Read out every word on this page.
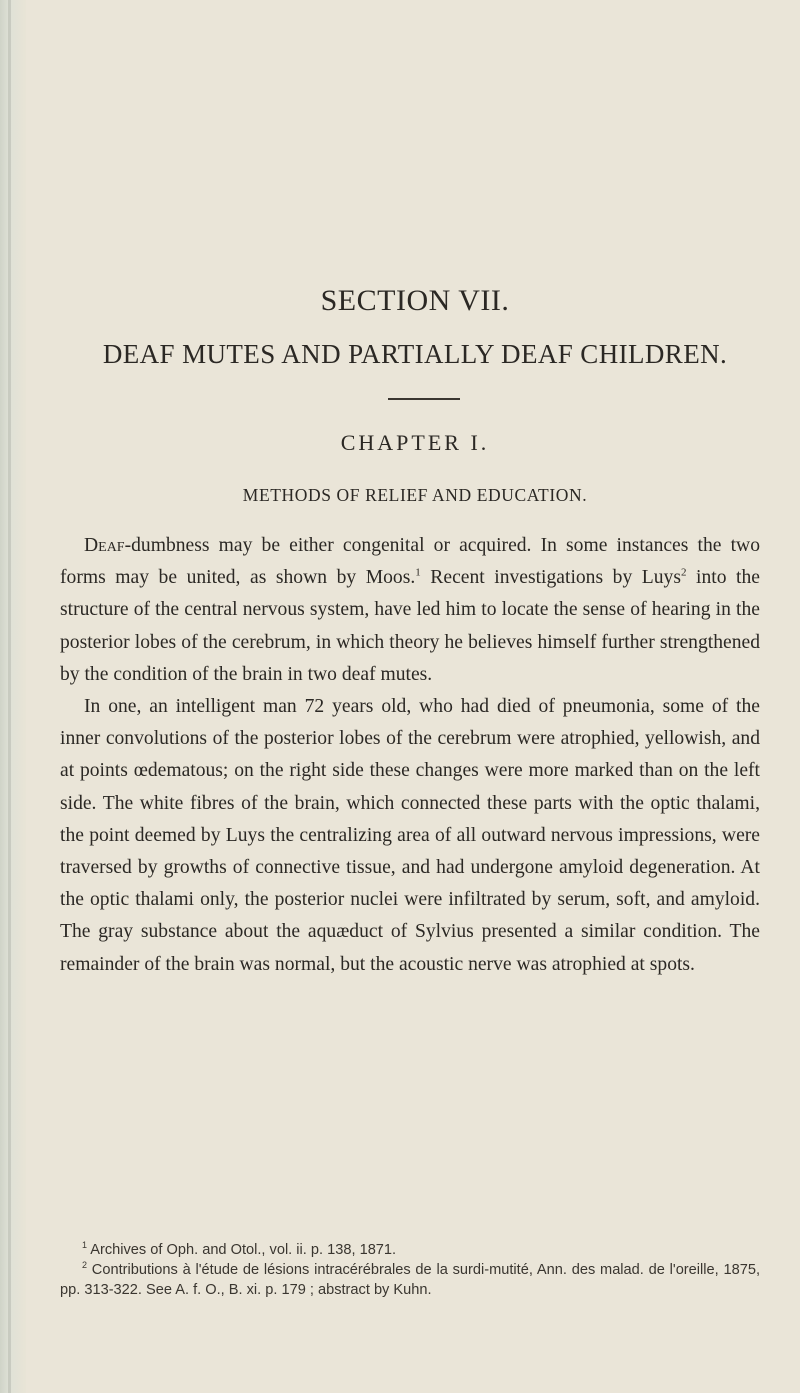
SECTION VII.
DEAF MUTES AND PARTIALLY DEAF CHILDREN.
CHAPTER I.
METHODS OF RELIEF AND EDUCATION.

Deaf-dumbness may be either congenital or acquired. In some instances the two forms may be united, as shown by Moos.$^1$ Recent investigations by Luys$^2$ into the structure of the central nervous system, have led him to locate the sense of hearing in the posterior lobes of the cerebrum, in which theory he believes himself further strengthened by the condition of the brain in two deaf mutes.

In one, an intelligent man 72 years old, who had died of pneumonia, some of the inner convolutions of the posterior lobes of the cerebrum were atrophied, yellowish, and at points œdematous; on the right side these changes were more marked than on the left side. The white fibres of the brain, which connected these parts with the optic thalami, the point deemed by Luys the centralizing area of all outward nervous impressions, were traversed by growths of connective tissue, and had undergone amyloid degeneration. At the optic thalami only, the posterior nuclei were infiltrated by serum, soft, and amyloid. The gray substance about the aquæduct of Sylvius presented a similar condition. The remainder of the brain was normal, but the acoustic nerve was atrophied at spots.

$^1$ Archives of Oph. and Otol., vol. ii. p. 138, 1871.

$^2$ Contributions à l'étude de lésions intracérébrales de la surdi-mutité, Ann. des malad. de l'oreille, 1875, pp. 313-322. See A. f. O., B. xi. p. 179 ; abstract by Kuhn.
